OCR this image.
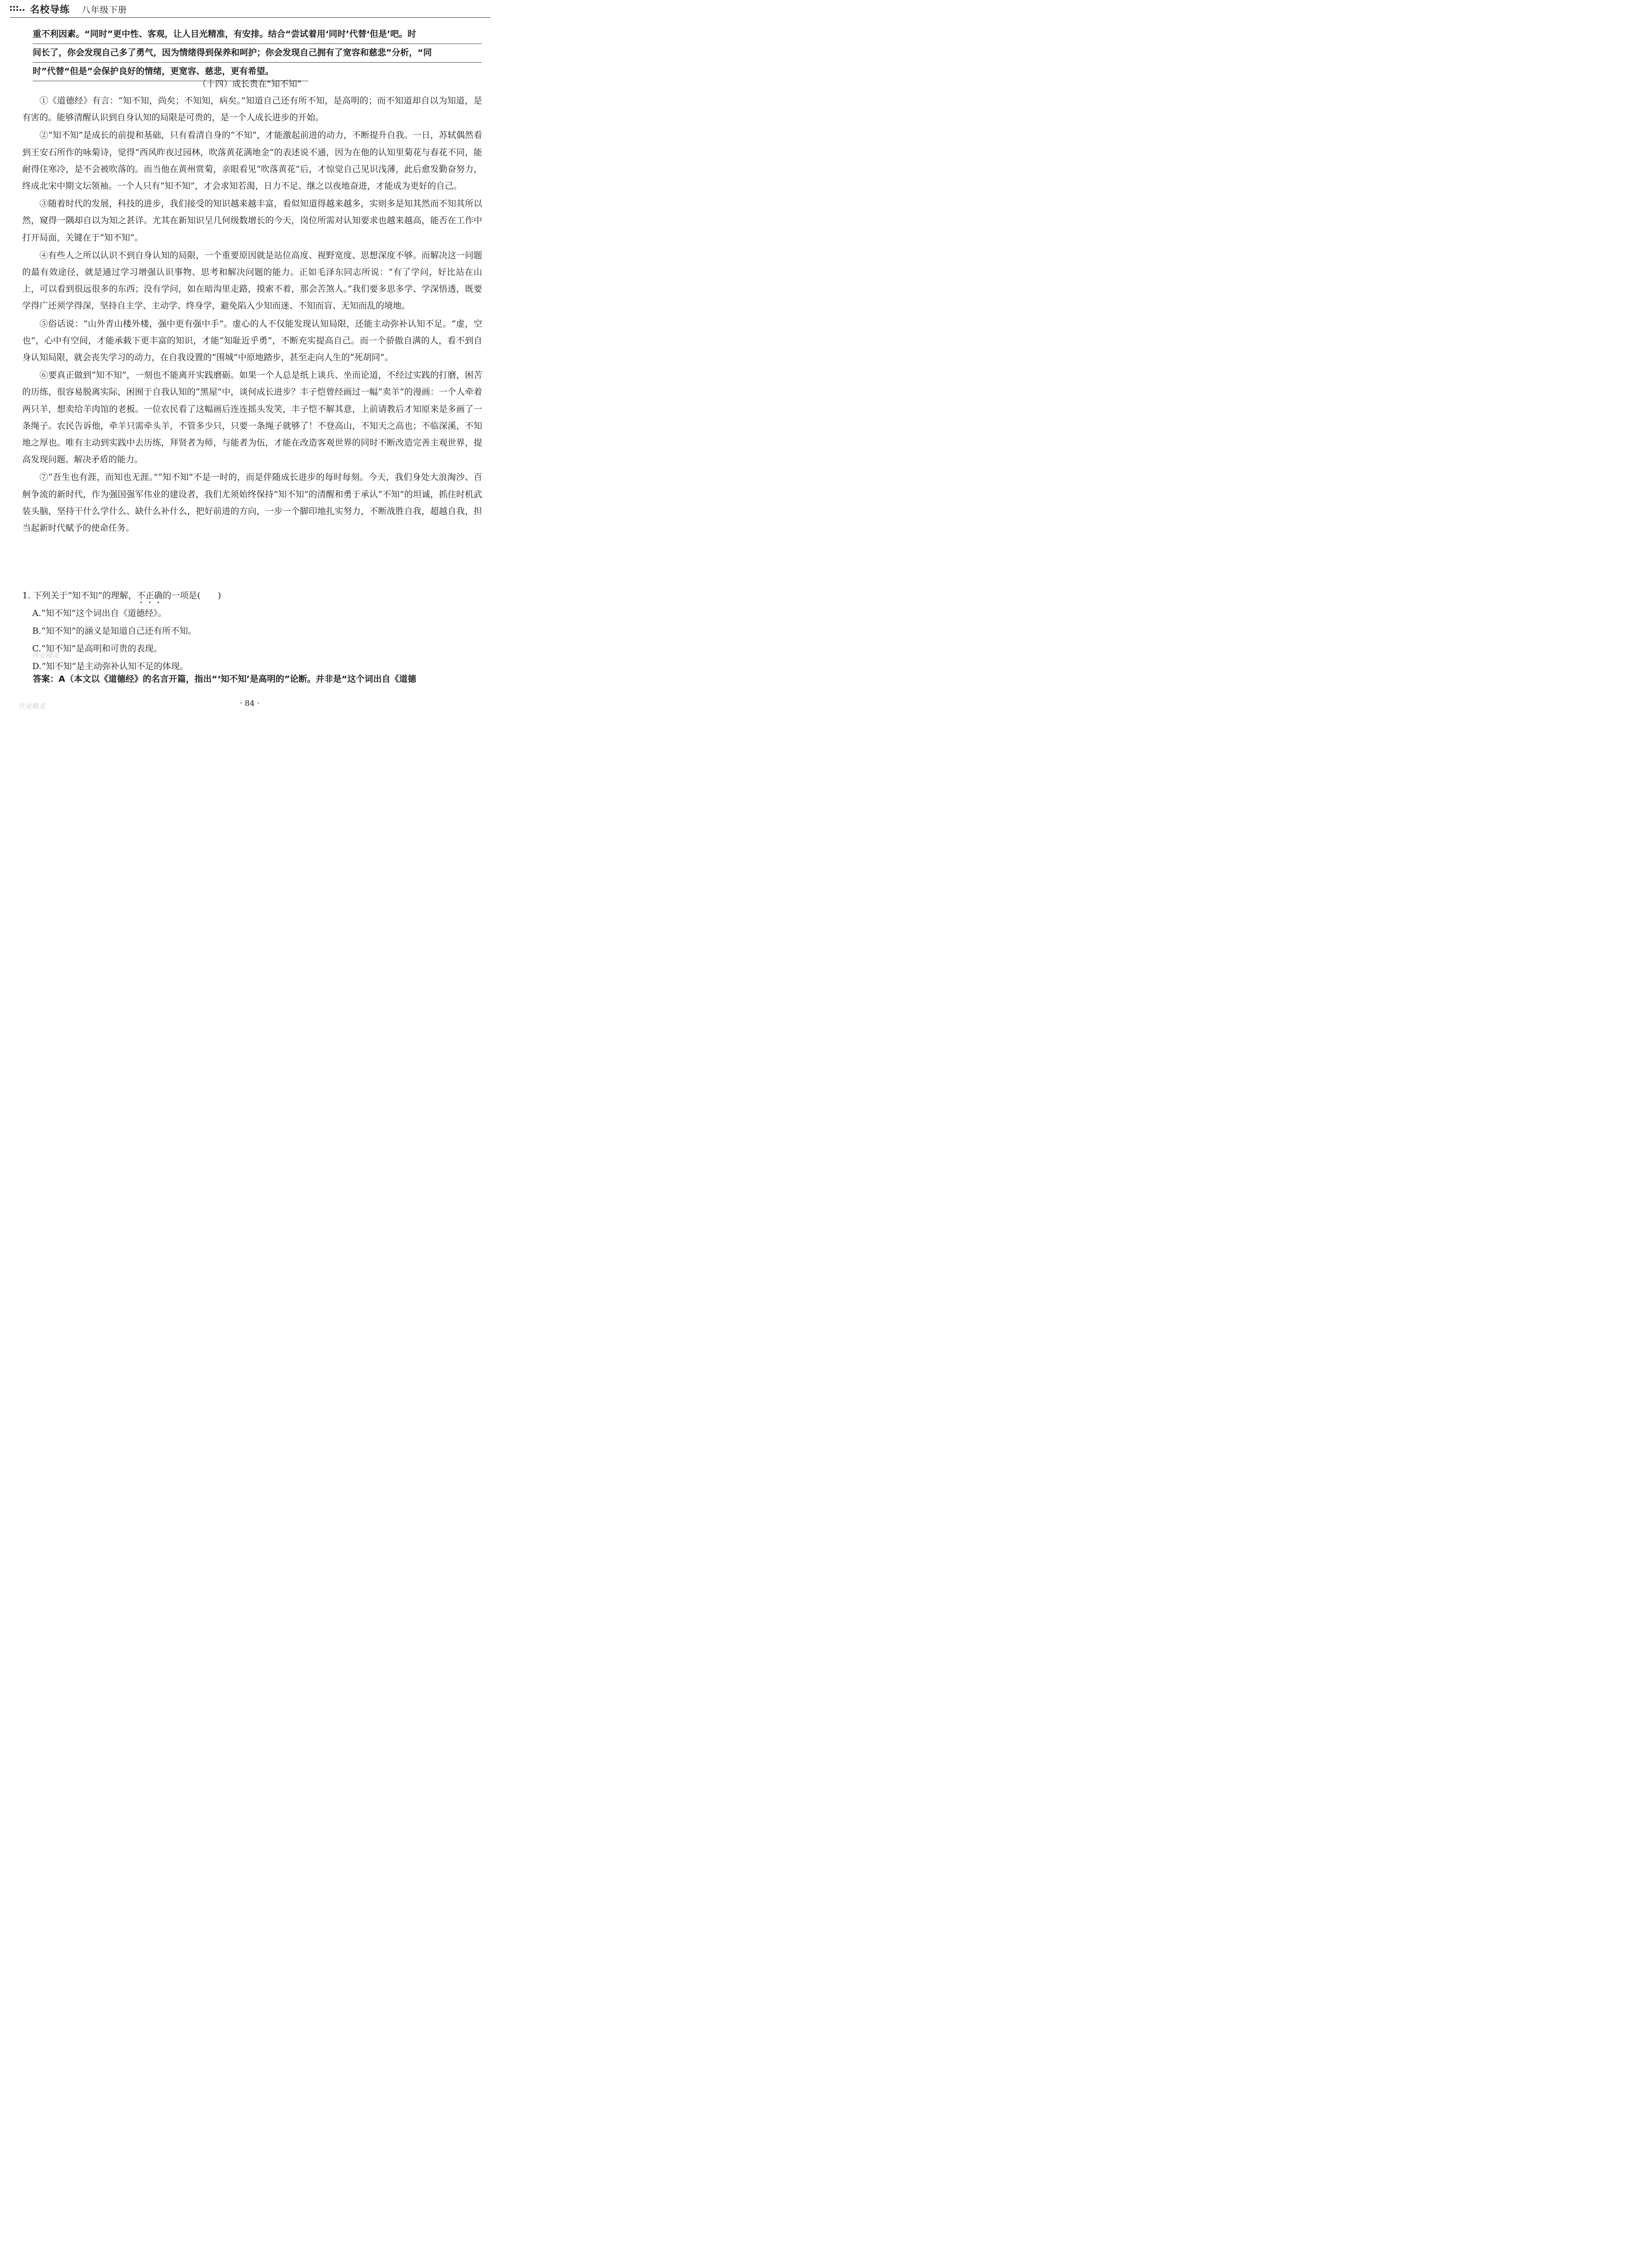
名校导练 八年级下册
重不利因素。“同时”更中性、客观，让人目光精准，有安排。结合“尝试着用‘同时’代替‘但是’吧。时
间长了，你会发现自己多了勇气，因为情绪得到保养和呵护；你会发现自己拥有了宽容和慈悲”分析，“同
时”代替“但是”会保护良好的情绪，更宽容、慈悲，更有希望。
（十四）成长贵在“知不知”

①《道德经》有言：“知不知，尚矣；不知知，病矣。”知道自己还有所不知，是高明的；而不知道却自以为知道，是有害的。能够清醒认识到自身认知的局限是可贵的，是一个人成长进步的开始。

②“知不知”是成长的前提和基础，只有看清自身的“不知”，才能激起前进的动力，不断提升自我。一日，苏轼偶然看到王安石所作的咏菊诗，觉得“西风昨夜过园林，吹落黄花满地金”的表述说不通，因为在他的认知里菊花与春花不同，能耐得住寒冷，是不会被吹落的。而当他在黄州赏菊，亲眼看见“吹落黄花”后，才惊觉自己见识浅薄，此后愈发勤奋努力，终成北宋中期文坛领袖。一个人只有“知不知”，才会求知若渴，日力不足、继之以夜地奋进，才能成为更好的自己。

③随着时代的发展，科技的进步，我们接受的知识越来越丰富，看似知道得越来越多，实则多是知其然而不知其所以然，窥得一隅却自以为知之甚详。尤其在新知识呈几何级数增长的今天，岗位所需对认知要求也越来越高，能否在工作中打开局面，关键在于“知不知”。

④有些人之所以认识不到自身认知的局限，一个重要原因就是站位高度、视野宽度、思想深度不够。而解决这一问题的最有效途径，就是通过学习增强认识事物、思考和解决问题的能力。正如毛泽东同志所说：“有了学问，好比站在山上，可以看到很远很多的东西；没有学问，如在暗沟里走路，摸索不着，那会苦煞人。”我们要多思多学、学深悟透，既要学得广还须学得深，坚持自主学、主动学、终身学，避免陷入少知而迷、不知而盲、无知而乱的境地。

⑤俗话说：“山外青山楼外楼，强中更有强中手”。虚心的人不仅能发现认知局限，还能主动弥补认知不足。“虚，空也”，心中有空间，才能承载下更丰富的知识，才能“知耻近乎勇”，不断充实提高自己。而一个骄傲自满的人，看不到自身认知局限，就会丧失学习的动力，在自我设置的“围城”中原地踏步，甚至走向人生的“死胡同”。

⑥要真正做到“知不知”，一刻也不能离开实践磨砺。如果一个人总是纸上谈兵、坐而论道，不经过实践的打磨，困苦的历练，很容易脱离实际，困囿于自我认知的“黑屋”中，谈何成长进步？丰子恺曾经画过一幅“卖羊”的漫画：一个人牵着两只羊，想卖给羊肉馆的老板。一位农民看了这幅画后连连摇头发笑，丰子恺不解其意，上前请教后才知原来是多画了一条绳子。农民告诉他，牵羊只需牵头羊，不管多少只，只要一条绳子就够了！不登高山，不知天之高也；不临深溪，不知地之厚也。唯有主动到实践中去历练，拜贤者为师，与能者为伍，才能在改造客观世界的同时不断改造完善主观世界，提高发现问题、解决矛盾的能力。

⑦“吾生也有涯，而知也无涯。”“知不知”不是一时的，而是伴随成长进步的每时每刻。今天，我们身处大浪淘沙、百舸争流的新时代，作为强国强军伟业的建设者，我们尤须始终保持“知不知”的清醒和勇于承认“不知”的坦诚，抓住时机武装头脑，坚持干什么学什么、缺什么补什么，把好前进的方向，一步一个脚印地扎实努力，不断战胜自我，超越自我，担当起新时代赋予的使命任务。

1. 下列关于“知不知”的理解，不正确的一项是(　　)
A.“知不知”这个词出自《道德经》。
B.“知不知”的涵义是知道自己还有所不知。
C.“知不知”是高明和可贵的表现。
D.“知不知”是主动弥补认知不足的体现。
答案：A（本文以《道德经》的名言开篇，指出“‘知不知’是高明的”论断。并非是“这个词出自《道德
· 84 ·
作业精灵
作业精灵
